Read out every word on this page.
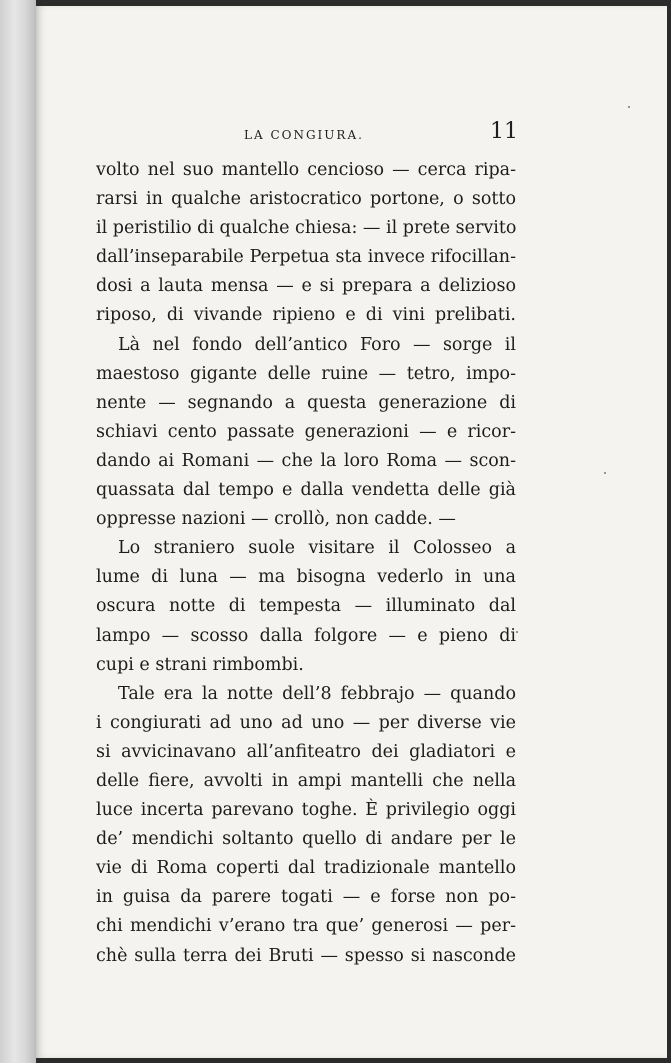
LA CONGIURA.	11
volto nel suo mantello cencioso — cerca ripa-
rarsi in qualche aristocratico portone, o sotto
il peristilio di qualche chiesa: — il prete servito
dall’inseparabile Perpetua sta invece rifocillan-
dosi a lauta mensa — e si prepara a delizioso
riposo, di vivande ripieno e di vini prelibati.
Là nel fondo dell’antico Foro — sorge il
maestoso gigante delle ruine — tetro, impo-
nente — segnando a questa generazione di
schiavi cento passate generazioni — e ricor-
dando ai Romani — che la loro Roma — scon-
quassata dal tempo e dalla vendetta delle già
oppresse nazioni — crollò, non cadde. —
Lo straniero suole visitare il Colosseo a
lume di luna — ma bisogna vederlo in una
oscura notte di tempesta — illuminato dal
lampo — scosso dalla folgore — e pieno di
cupi e strani rimbombi.
Tale era la notte dell’8 febbrajo — quando
i congiurati ad uno ad uno — per diverse vie
si avvicinavano all’anfiteatro dei gladiatori e
delle fiere, avvolti in ampi mantelli che nella
luce incerta parevano toghe. È privilegio oggi
de’ mendichi soltanto quello di andare per le
vie di Roma coperti dal tradizionale mantello
in guisa da parere togati — e forse non po-
chi mendichi v’erano tra que’ generosi — per-
chè sulla terra dei Bruti — spesso si nasconde
